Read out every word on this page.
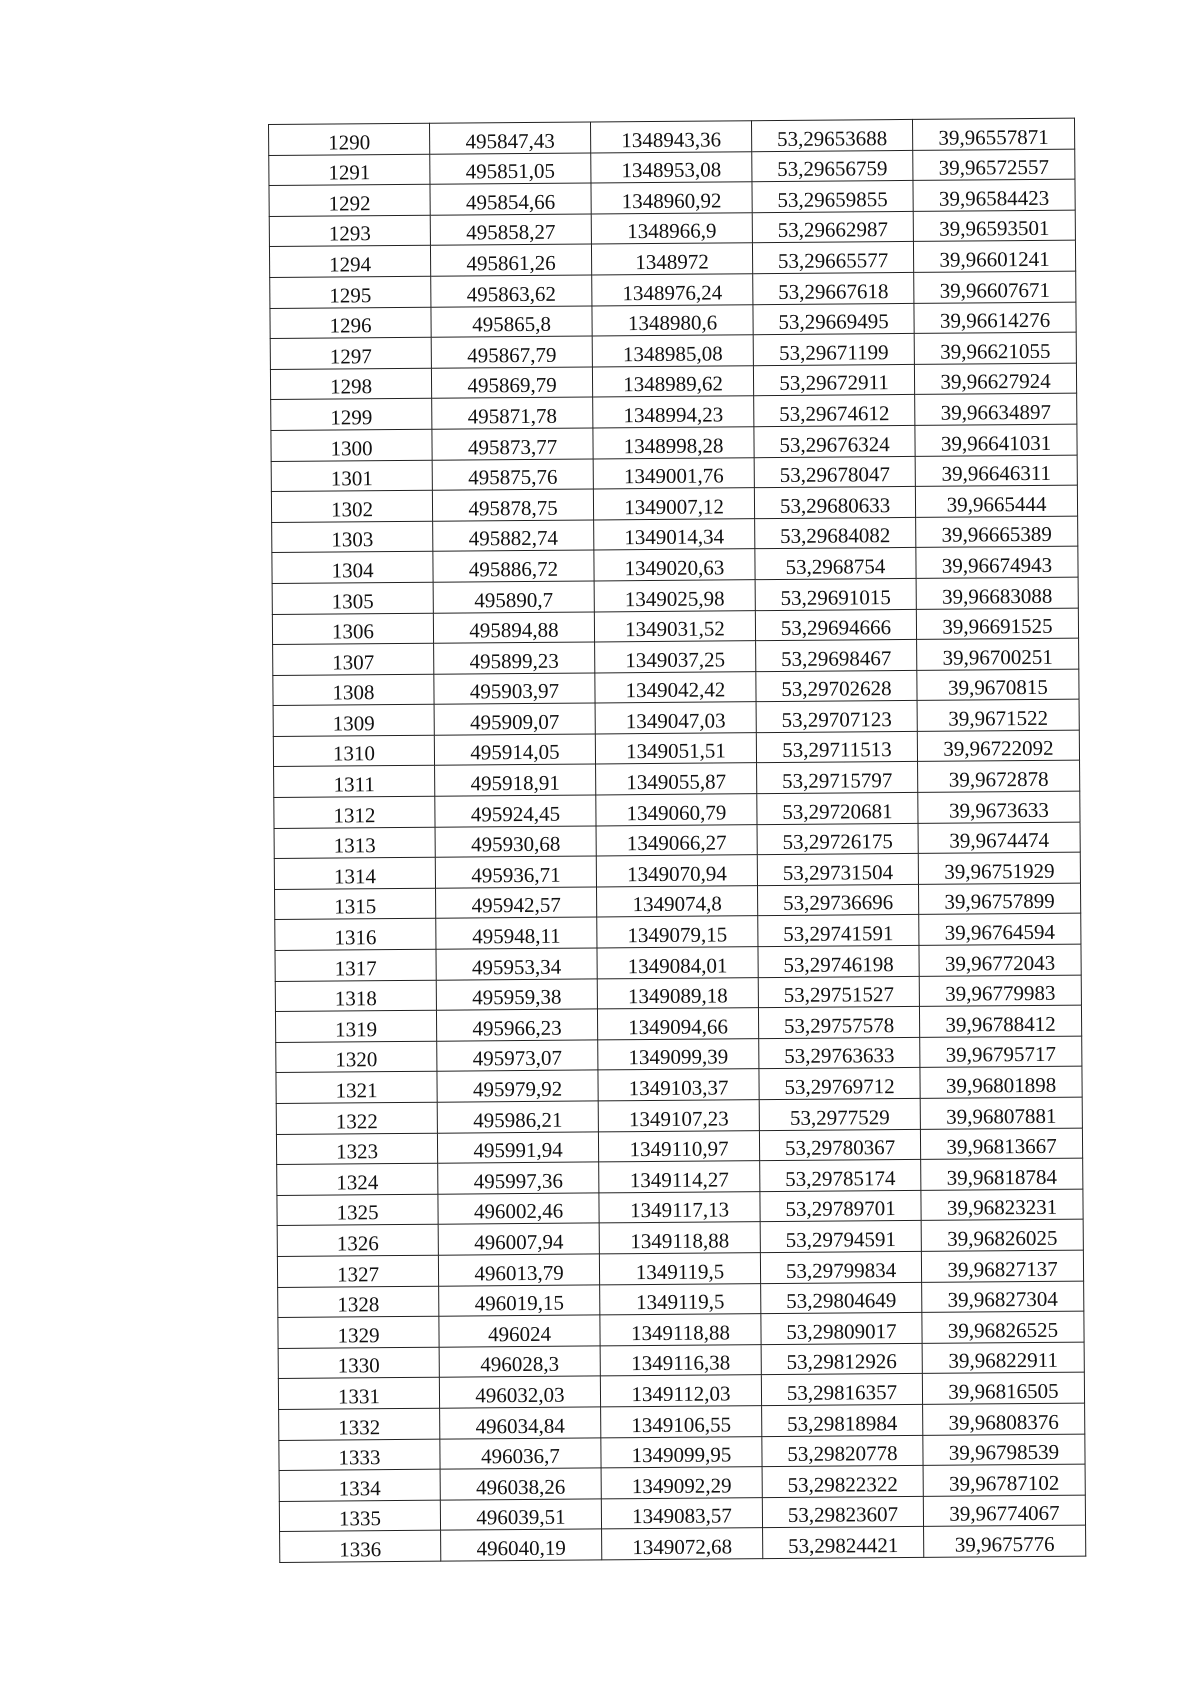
1290	495847,43	1348943,36	53,29653688	39,96557871
1291	495851,05	1348953,08	53,29656759	39,96572557
1292	495854,66	1348960,92	53,29659855	39,96584423
1293	495858,27	1348966,9	53,29662987	39,96593501
1294	495861,26	1348972	53,29665577	39,96601241
1295	495863,62	1348976,24	53,29667618	39,96607671
1296	495865,8	1348980,6	53,29669495	39,96614276
1297	495867,79	1348985,08	53,29671199	39,96621055
1298	495869,79	1348989,62	53,29672911	39,96627924
1299	495871,78	1348994,23	53,29674612	39,96634897
1300	495873,77	1348998,28	53,29676324	39,96641031
1301	495875,76	1349001,76	53,29678047	39,96646311
1302	495878,75	1349007,12	53,29680633	39,9665444
1303	495882,74	1349014,34	53,29684082	39,96665389
1304	495886,72	1349020,63	53,2968754	39,96674943
1305	495890,7	1349025,98	53,29691015	39,96683088
1306	495894,88	1349031,52	53,29694666	39,96691525
1307	495899,23	1349037,25	53,29698467	39,96700251
1308	495903,97	1349042,42	53,29702628	39,9670815
1309	495909,07	1349047,03	53,29707123	39,9671522
1310	495914,05	1349051,51	53,29711513	39,96722092
1311	495918,91	1349055,87	53,29715797	39,9672878
1312	495924,45	1349060,79	53,29720681	39,9673633
1313	495930,68	1349066,27	53,29726175	39,9674474
1314	495936,71	1349070,94	53,29731504	39,96751929
1315	495942,57	1349074,8	53,29736696	39,96757899
1316	495948,11	1349079,15	53,29741591	39,96764594
1317	495953,34	1349084,01	53,29746198	39,96772043
1318	495959,38	1349089,18	53,29751527	39,96779983
1319	495966,23	1349094,66	53,29757578	39,96788412
1320	495973,07	1349099,39	53,29763633	39,96795717
1321	495979,92	1349103,37	53,29769712	39,96801898
1322	495986,21	1349107,23	53,2977529	39,96807881
1323	495991,94	1349110,97	53,29780367	39,96813667
1324	495997,36	1349114,27	53,29785174	39,96818784
1325	496002,46	1349117,13	53,29789701	39,96823231
1326	496007,94	1349118,88	53,29794591	39,96826025
1327	496013,79	1349119,5	53,29799834	39,96827137
1328	496019,15	1349119,5	53,29804649	39,96827304
1329	496024	1349118,88	53,29809017	39,96826525
1330	496028,3	1349116,38	53,29812926	39,96822911
1331	496032,03	1349112,03	53,29816357	39,96816505
1332	496034,84	1349106,55	53,29818984	39,96808376
1333	496036,7	1349099,95	53,29820778	39,96798539
1334	496038,26	1349092,29	53,29822322	39,96787102
1335	496039,51	1349083,57	53,29823607	39,96774067
1336	496040,19	1349072,68	53,29824421	39,9675776
